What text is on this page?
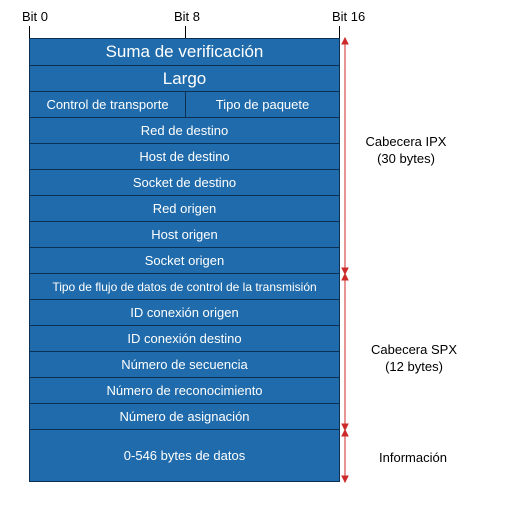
Bit 0	Bit 8	Bit 16
Suma de verificación
Largo
Control de transporte	Tipo de paquete
Red de destino
Host de destino
Socket de destino
Red origen
Host origen
Socket origen
Tipo de flujo de datos de control de la transmisión
ID conexión origen
ID conexión destino
Número de secuencia
Número de reconocimiento
Número de asignación
0-546 bytes de datos
Cabecera IPX
(30 bytes)
Cabecera SPX
(12 bytes)
Información
